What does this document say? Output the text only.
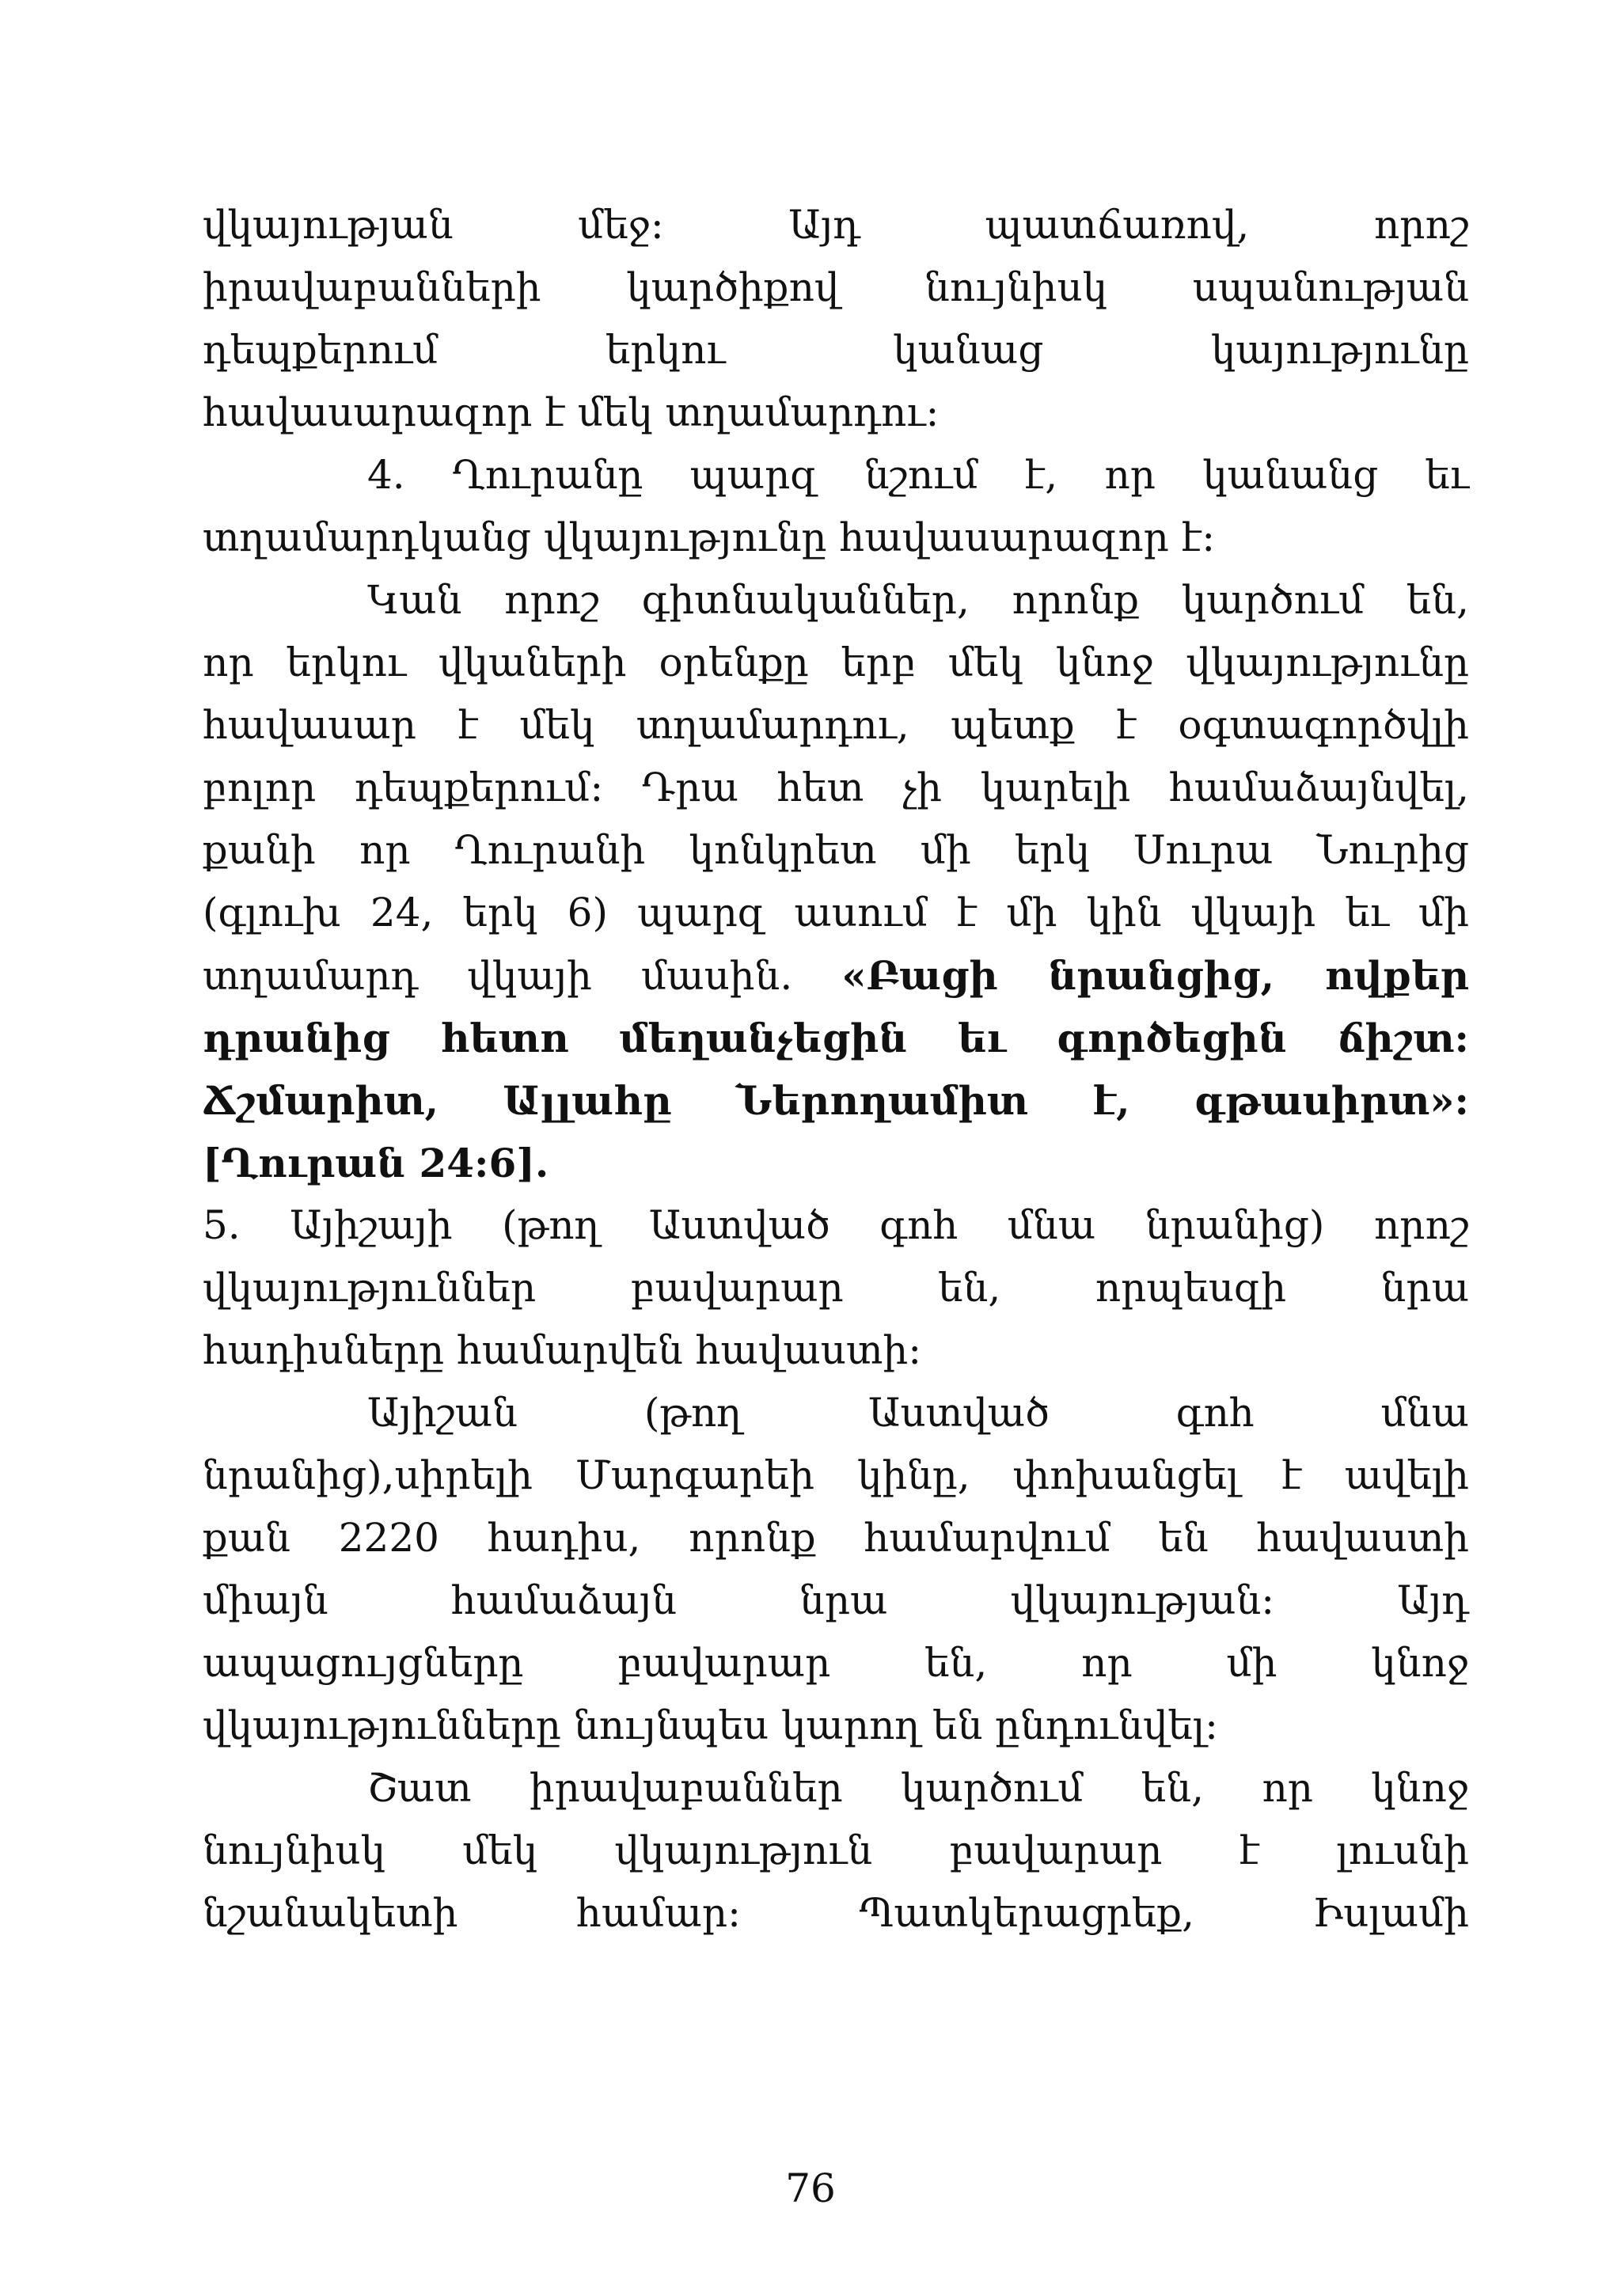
վկայության մեջ: Այդ պատճառով, որոշ
իրավաբանների կարծիքով նույնիսկ սպանության
դեպքերում երկու կանաց կայությունը
հավասարազոր է մեկ տղամարդու:
4. Ղուրանը պարզ նշում է, որ կանանց եւ
տղամարդկանց վկայությունը հավասարազոր է:
Կան որոշ գիտնականներ, որոնք կարծում են,
որ երկու վկաների օրենքը երբ մեկ կնոջ վկայությունը
հավասար է մեկ տղամարդու, պետք է օգտագործվլի
բոլոր դեպքերում: Դրա հետ չի կարելի համաձայնվել,
քանի որ Ղուրանի կոնկրետ մի երկ Սուրա Նուրից
(գլուխ 24, երկ 6) պարզ ասում է մի կին վկայի եւ մի
տղամարդ վկայի մասին. «Բացի նրանցից, ովքեր
դրանից հետո մեղանչեցին եւ գործեցին ճիշտ:
Ճշմարիտ, Ալլահը Ներողամիտ է, գթասիրտ»:
[Ղուրան 24:6].
5. Այիշայի (թող Աստված գոհ մնա նրանից) որոշ
վկայություններ բավարար են, որպեսզի նրա
հադիսները համարվեն հավաստի:
Այիշան (թող Աստված գոհ մնա
նրանից),սիրելի Մարգարեի կինը, փոխանցել է ավելի
քան 2220 հադիս, որոնք համարվում են հավաստի
միայն համաձայն նրա վկայության: Այդ
ապացույցները բավարար են, որ մի կնոջ
վկայությունները նույնպես կարող են ընդունվել:
Շատ իրավաբաններ կարծում են, որ կնոջ
նույնիսկ մեկ վկայություն բավարար է լուսնի
նշանակետի համար: Պատկերացրեք, Իսլամի
76
